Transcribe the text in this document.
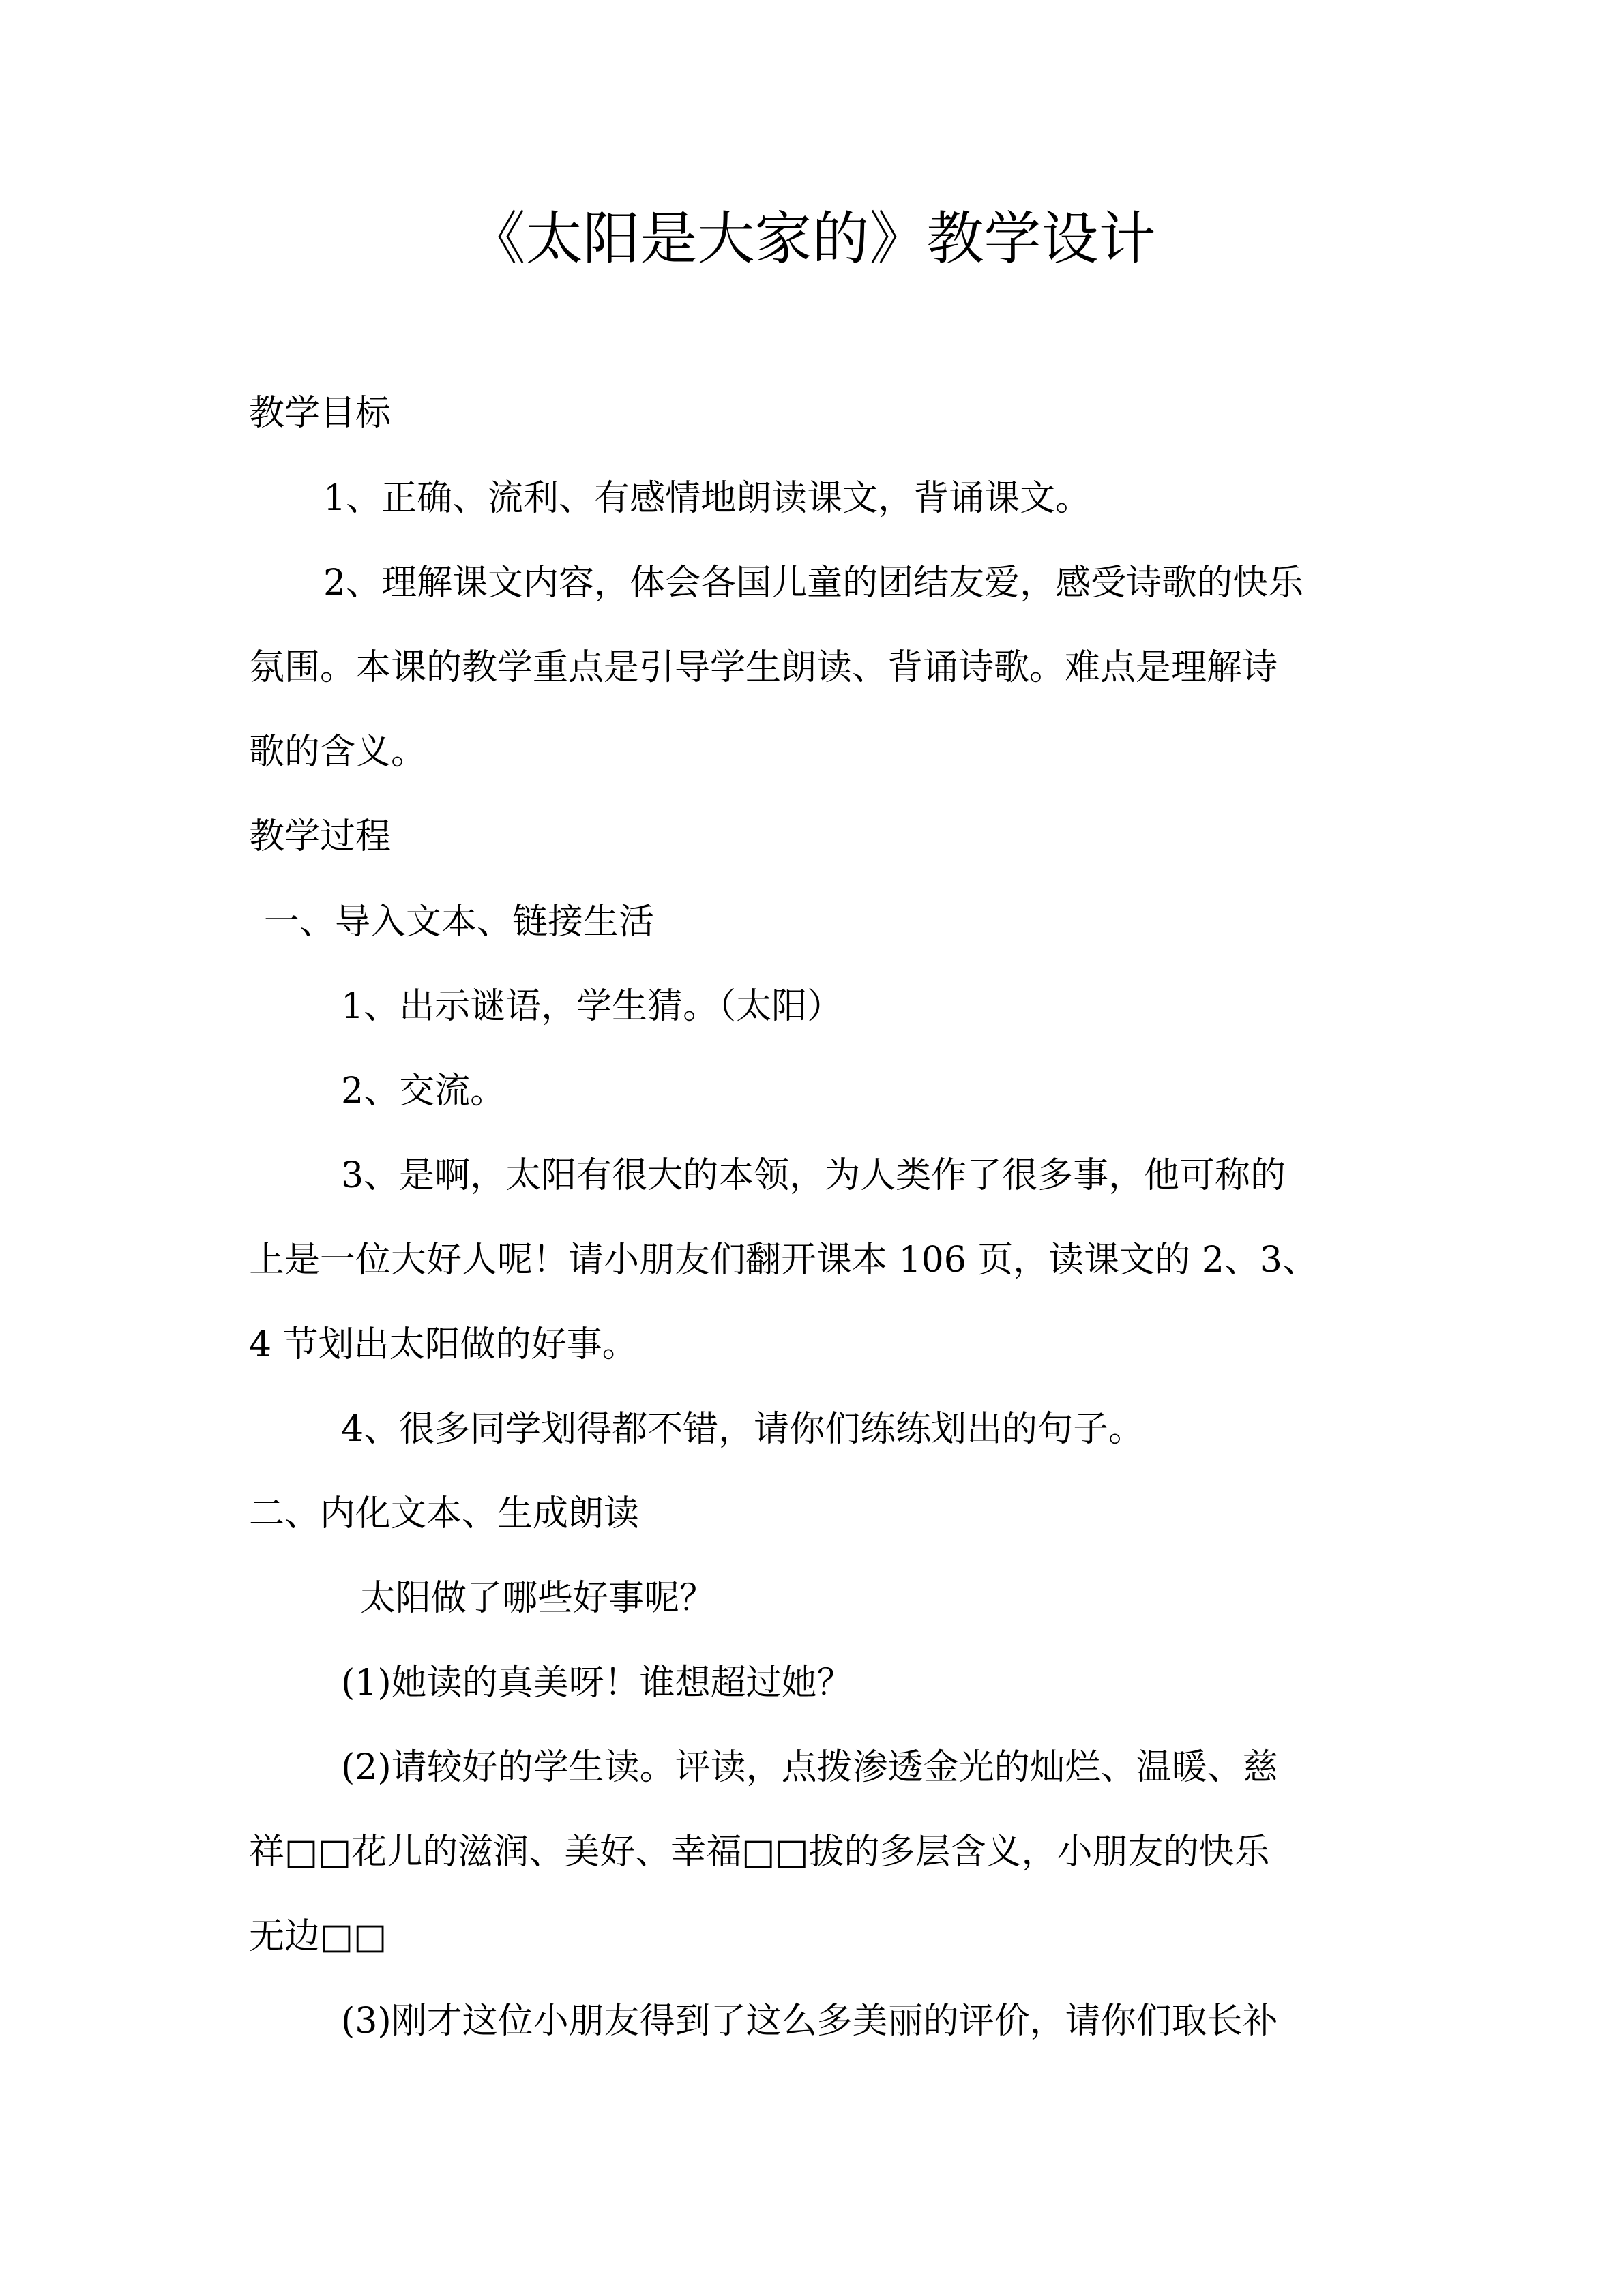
《太阳是大家的》教学设计
教学目标
1、正确、流利、有感情地朗读课文，背诵课文。
2、理解课文内容，体会各国儿童的团结友爱，感受诗歌的快乐
氛围。本课的教学重点是引导学生朗读、背诵诗歌。难点是理解诗
歌的含义。
教学过程
一、导入文本、链接生活
1、出示谜语，学生猜。（太阳）
2、交流。
3、是啊，太阳有很大的本领，为人类作了很多事，他可称的
上是一位大好人呢！请小朋友们翻开课本 106 页，读课文的 2、3、
4 节划出太阳做的好事。
4、很多同学划得都不错，请你们练练划出的句子。
二、内化文本、生成朗读
太阳做了哪些好事呢？
(1)她读的真美呀！谁想超过她？
(2)请较好的学生读。评读，点拨渗透金光的灿烂、温暖、慈
祥□□花儿的滋润、美好、幸福□□拔的多层含义，小朋友的快乐
无边□□
(3)刚才这位小朋友得到了这么多美丽的评价，请你们取长补
